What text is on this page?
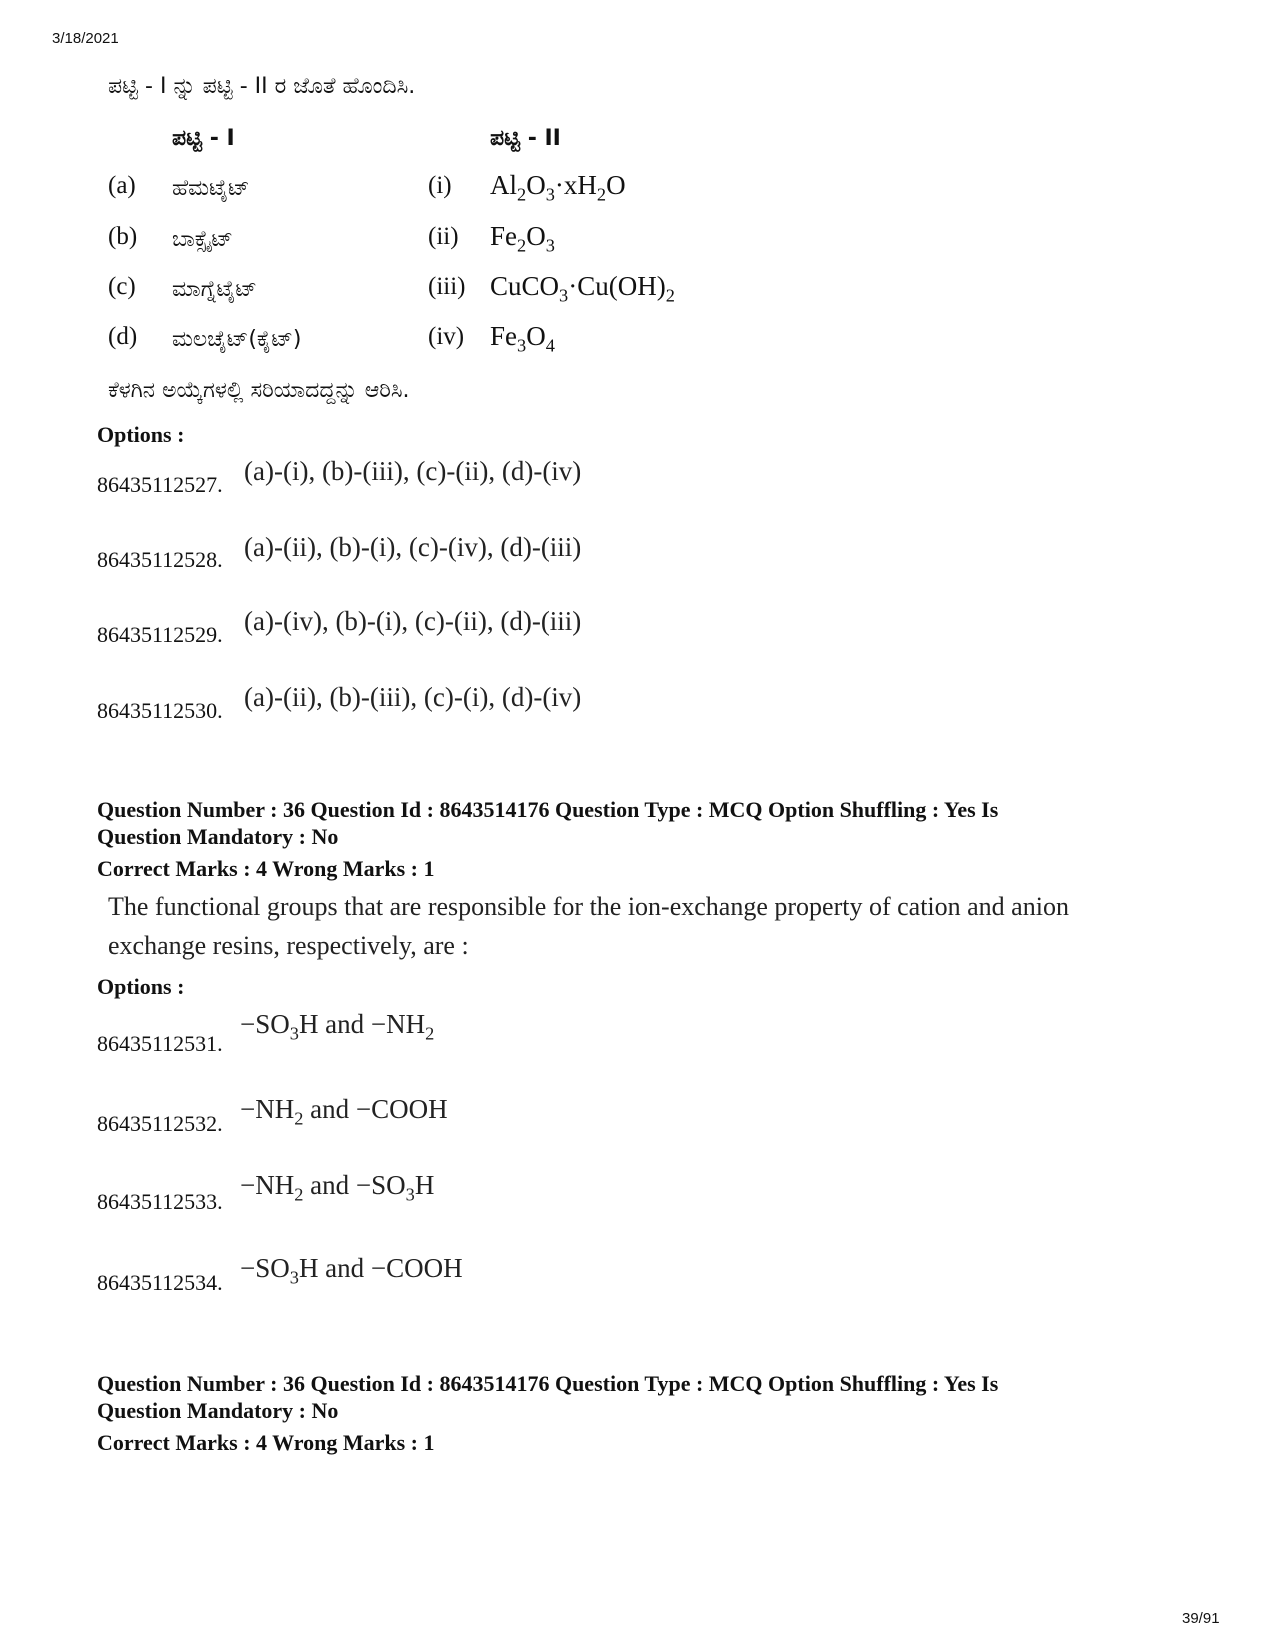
3/18/2021
39/91
ಪಟ್ಟಿ - I ನ್ನು ಪಟ್ಟಿ - II ರ ಜೊತೆ ಹೊಂದಿಸಿ.
ಪಟ್ಟಿ - I	ಪಟ್ಟಿ - II
(a) ಹೆಮಟೈಟ್	(i) $Al_2O_3\cdot xH_2O$
(b) ಬಾಕ್ಸೈಟ್	(ii) $Fe_2O_3$
(c) ಮಾಗ್ನೆಟೈಟ್	(iii) $CuCO_3\cdot Cu(OH)_2$
(d) ಮಲಚೈಟ್(ಕೈಟ್)	(iv) $Fe_3O_4$
ಕೆಳಗಿನ ಅಯ್ಕೆಗಳಲ್ಲಿ ಸರಿಯಾದದ್ದನ್ನು ಆರಿಸಿ.
Options :
86435112527. (a)-(i), (b)-(iii), (c)-(ii), (d)-(iv)
86435112528. (a)-(ii), (b)-(i), (c)-(iv), (d)-(iii)
86435112529. (a)-(iv), (b)-(i), (c)-(ii), (d)-(iii)
86435112530. (a)-(ii), (b)-(iii), (c)-(i), (d)-(iv)
Question Number : 36 Question Id : 8643514176 Question Type : MCQ Option Shuffling : Yes Is
Question Mandatory : No
Correct Marks : 4 Wrong Marks : 1
The functional groups that are responsible for the ion-exchange property of cation and anion
exchange resins, respectively, are :
Options :
86435112531.
$-SO_3H$ and $-NH_2$
86435112532. $-NH_2$ and −COOH
86435112533.
$-NH_2$ and $-SO_3H$
86435112534. $-SO_3H$ and −COOH
Question Number : 36 Question Id : 8643514176 Question Type : MCQ Option Shuffling : Yes Is
Question Mandatory : No
Correct Marks : 4 Wrong Marks : 1
